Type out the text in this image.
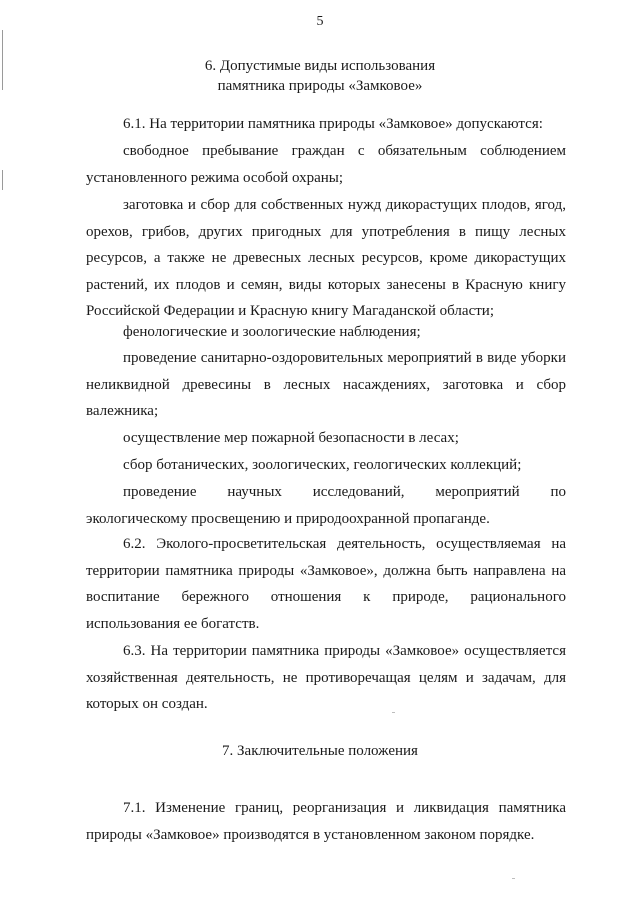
5
6. Допустимые виды использования
памятника природы «Замковое»
6.1. На территории памятника природы «Замковое» допускаются:
свободное пребывание граждан с обязательным соблюдением установленного режима особой охраны;
заготовка и сбор для собственных нужд дикорастущих плодов, ягод, орехов, грибов, других пригодных для употребления в пищу лесных ресурсов, а также не древесных лесных ресурсов, кроме дикорастущих растений, их плодов и семян, виды которых занесены в Красную книгу Российской Федерации и Красную книгу Магаданской области;
фенологические и зоологические наблюдения;
проведение санитарно-оздоровительных мероприятий в виде уборки неликвидной древесины в лесных насаждениях, заготовка и сбор валежника;
осуществление мер пожарной безопасности в лесах;
сбор ботанических, зоологических, геологических коллекций;
проведение научных исследований, мероприятий по
экологическому просвещению и природоохранной пропаганде.
6.2. Эколого-просветительская деятельность, осуществляемая на территории памятника природы «Замковое», должна быть направлена на воспитание бережного отношения к природе, рационального использования ее богатств.
6.3. На территории памятника природы «Замковое» осуществляется хозяйственная деятельность, не противоречащая целям и задачам, для которых он создан.
7. Заключительные положения
7.1. Изменение границ, реорганизация и ликвидация памятника природы «Замковое» производятся в установленном законом порядке.
